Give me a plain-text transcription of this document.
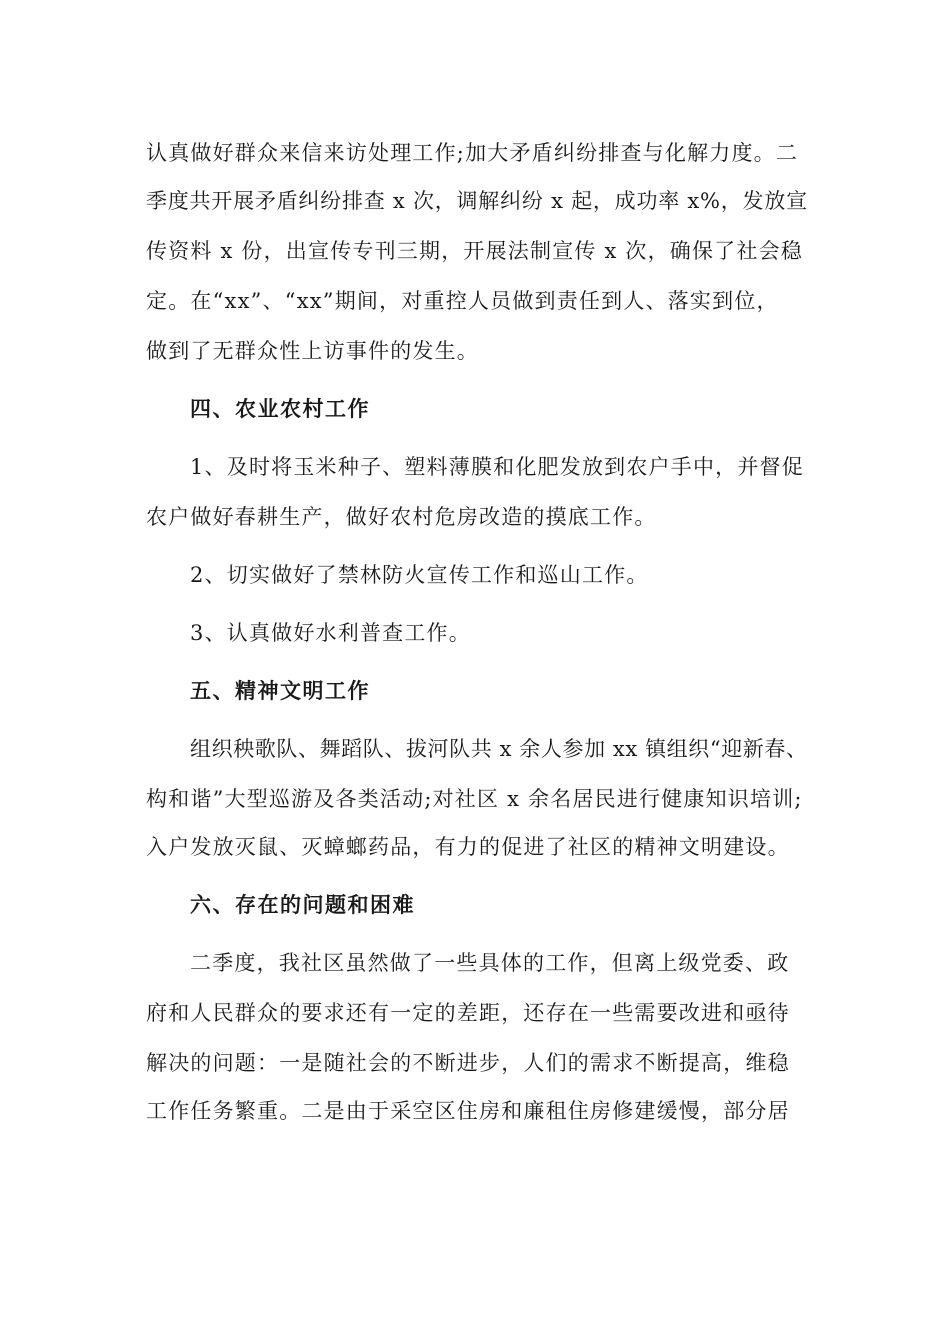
认真做好群众来信来访处理工作;加大矛盾纠纷排查与化解力度。二
季度共开展矛盾纠纷排查 x 次，调解纠纷 x 起，成功率 x%，发放宣
传资料 x 份，出宣传专刊三期，开展法制宣传 x 次，确保了社会稳
定。在“xx”、“xx”期间，对重控人员做到责任到人、落实到位，
做到了无群众性上访事件的发生。
四、农业农村工作
1、及时将玉米种子、塑料薄膜和化肥发放到农户手中，并督促
农户做好春耕生产，做好农村危房改造的摸底工作。
2、切实做好了禁林防火宣传工作和巡山工作。
3、认真做好水利普查工作。
五、精神文明工作
组织秧歌队、舞蹈队、拔河队共 x 余人参加 xx 镇组织“迎新春、
构和谐”大型巡游及各类活动;对社区 x 余名居民进行健康知识培训;
入户发放灭鼠、灭蟑螂药品，有力的促进了社区的精神文明建设。
六、存在的问题和困难
二季度，我社区虽然做了一些具体的工作，但离上级党委、政
府和人民群众的要求还有一定的差距，还存在一些需要改进和亟待
解决的问题：一是随社会的不断进步，人们的需求不断提高，维稳
工作任务繁重。二是由于采空区住房和廉租住房修建缓慢，部分居
